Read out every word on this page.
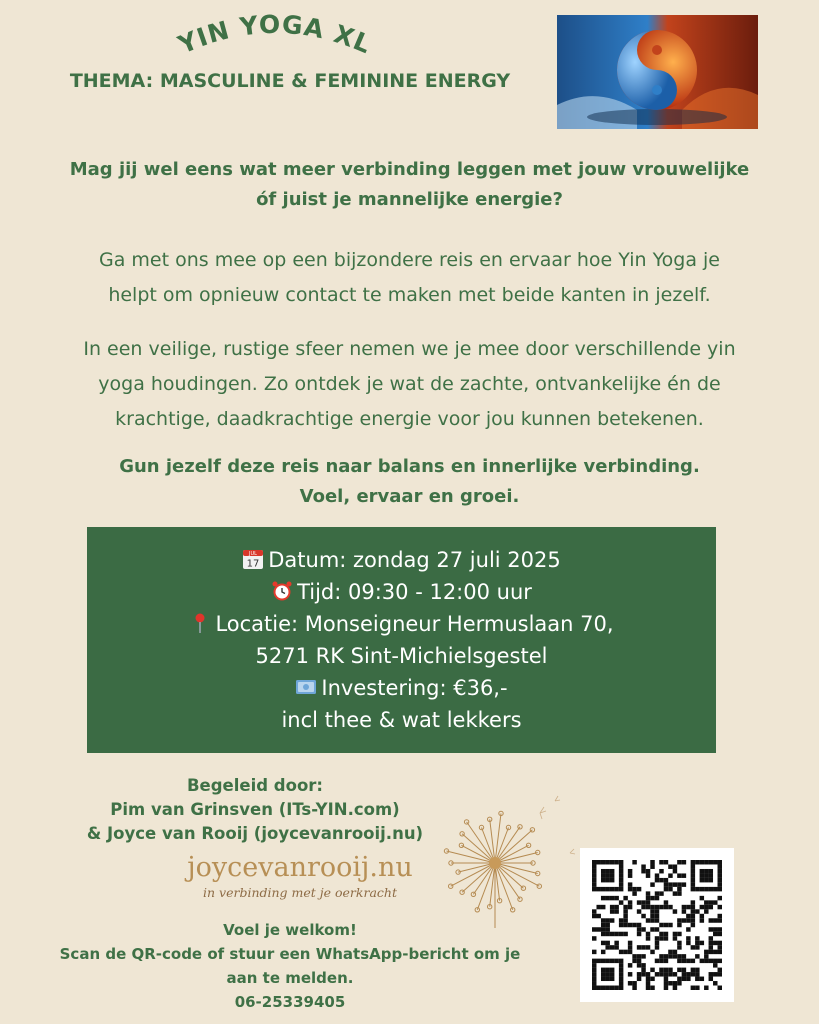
YIN YOGA XL
THEMA: MASCULINE & FEMININE ENERGY
Mag jij wel eens wat meer verbinding leggen met jouw vrouwelijke
óf juist je mannelijke energie?
Ga met ons mee op een bijzondere reis en ervaar hoe Yin Yoga je
helpt om opnieuw contact te maken met beide kanten in jezelf.
In een veilige, rustige sfeer nemen we je mee door verschillende yin
yoga houdingen. Zo ontdek je wat de zachte, ontvankelijke én de
krachtige, daadkrachtige energie voor jou kunnen betekenen.
Gun jezelf deze reis naar balans en innerlijke verbinding.
Voel, ervaar en groei.
JUL
17 Datum: zondag 27 juli 2025
Tijd: 09:30 - 12:00 uur
Locatie: Monseigneur Hermuslaan 70,
5271 RK Sint-Michielsgestel
Investering: €36,-
incl thee & wat lekkers
Begeleid door:
Pim van Grinsven (ITs-YIN.com)
& Joyce van Rooij (joycevanrooij.nu)
joycevanrooij.nu
in verbinding met je oerkracht
Voel je welkom!
Scan de QR-code of stuur een WhatsApp-bericht om je
aan te melden.
06-25339405
